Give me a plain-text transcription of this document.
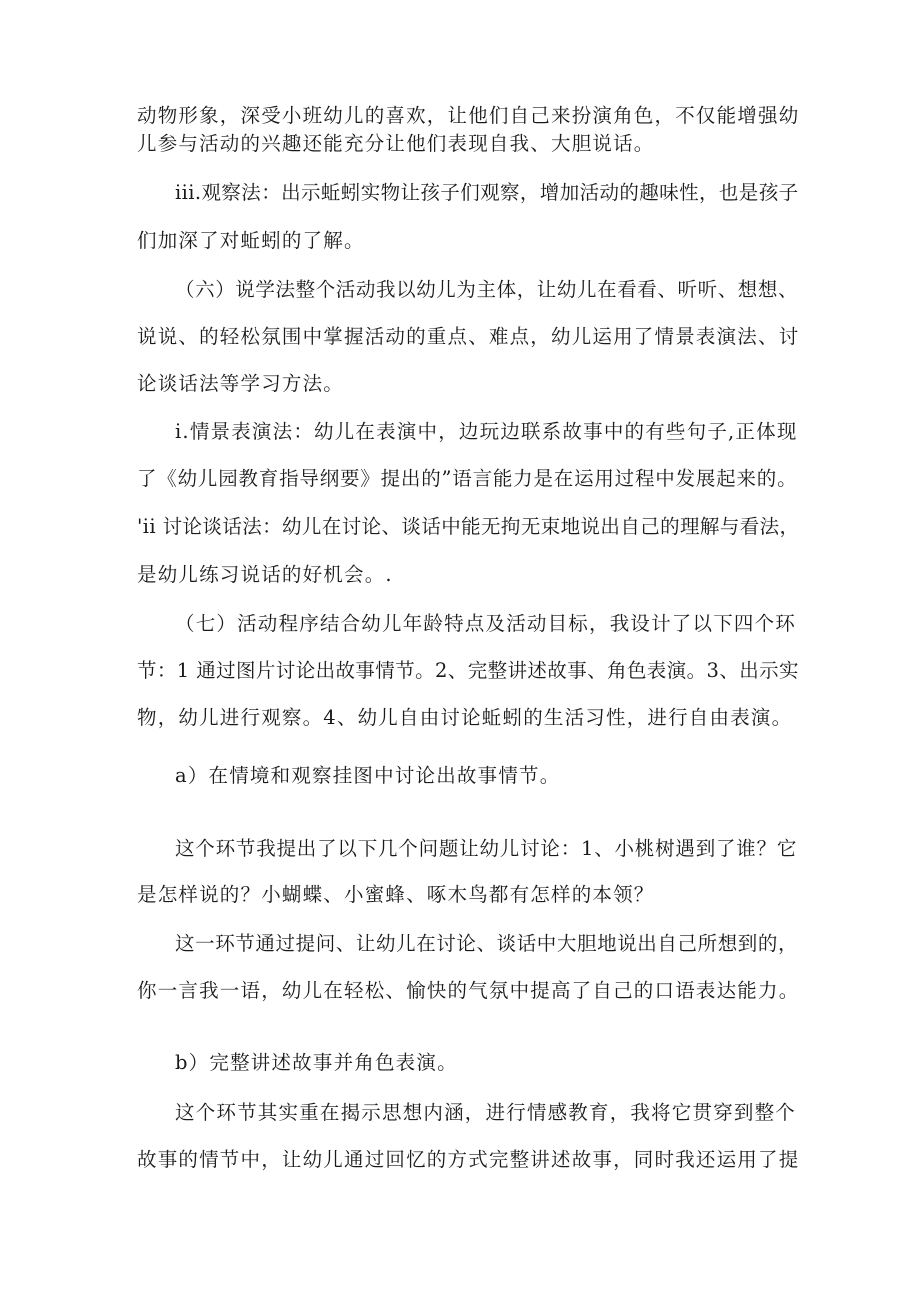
动物形象，深受小班幼儿的喜欢，让他们自己来扮演角色，不仅能增强幼
儿参与活动的兴趣还能充分让他们表现自我、大胆说话。
iii.观察法：出示蚯蚓实物让孩子们观察，增加活动的趣味性，也是孩子
们加深了对蚯蚓的了解。
（六）说学法整个活动我以幼儿为主体，让幼儿在看看、听听、想想、
说说、的轻松氛围中掌握活动的重点、难点，幼儿运用了情景表演法、讨
论谈话法等学习方法。
i.情景表演法：幼儿在表演中，边玩边联系故事中的有些句子,正体现
了《幼儿园教育指导纲要》提出的”语言能力是在运用过程中发展起来的。
'ii 讨论谈话法：幼儿在讨论、谈话中能无拘无束地说出自己的理解与看法，
是幼儿练习说话的好机会。.
（七）活动程序结合幼儿年龄特点及活动目标，我设计了以下四个环
节：1 通过图片讨论出故事情节。2、完整讲述故事、角色表演。3、出示实
物，幼儿进行观察。4、幼儿自由讨论蚯蚓的生活习性，进行自由表演。
a）在情境和观察挂图中讨论出故事情节。
这个环节我提出了以下几个问题让幼儿讨论：1、小桃树遇到了谁？它
是怎样说的？小蝴蝶、小蜜蜂、啄木鸟都有怎样的本领？
这一环节通过提问、让幼儿在讨论、谈话中大胆地说出自己所想到的，
你一言我一语，幼儿在轻松、愉快的气氛中提高了自己的口语表达能力。
b）完整讲述故事并角色表演。
这个环节其实重在揭示思想内涵，进行情感教育，我将它贯穿到整个
故事的情节中，让幼儿通过回忆的方式完整讲述故事，同时我还运用了提
